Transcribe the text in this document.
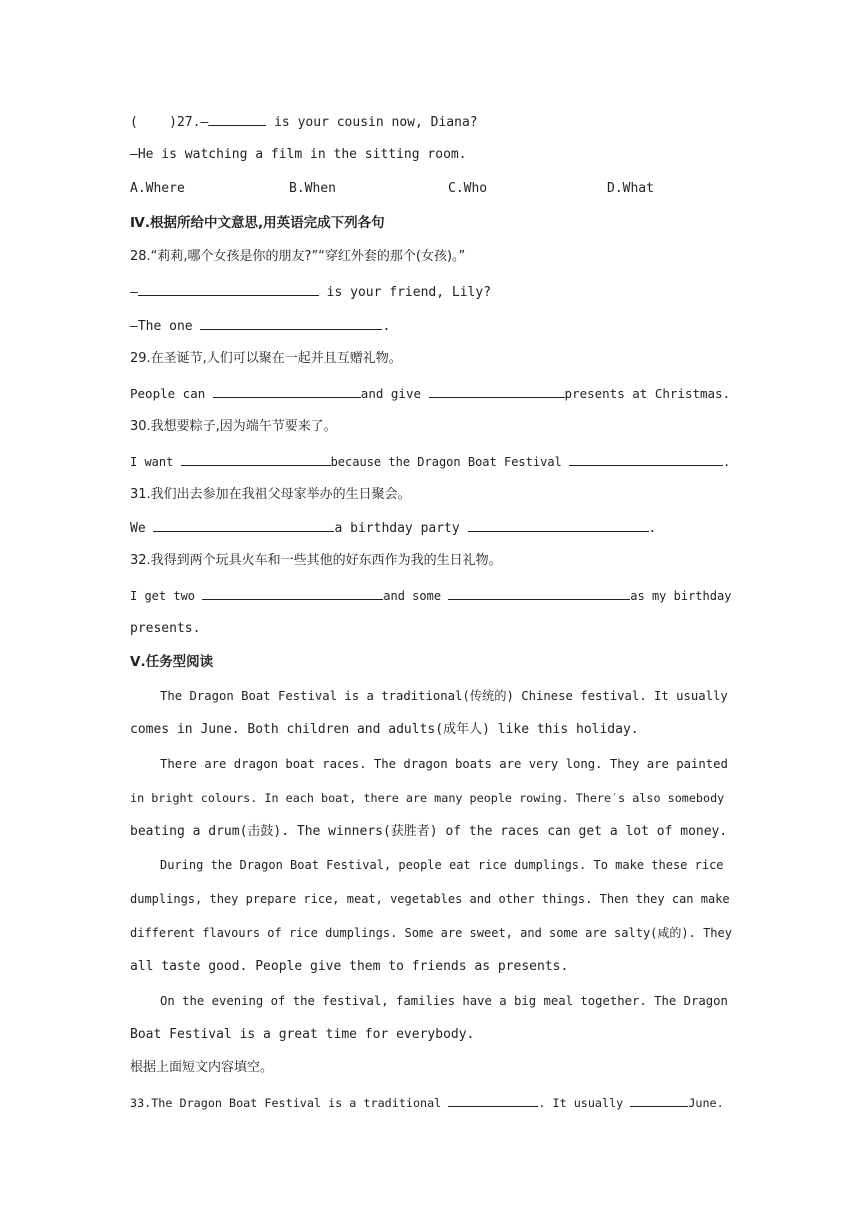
( )27.—	is your cousin now, Diana?
—He is watching a film in the sitting room.
A.Where	B.When	C.Who	D.What
Ⅳ.根据所给中文意思,用英语完成下列各句
28.“莉莉,哪个女孩是你的朋友?”“穿红外套的那个(女孩)。”
—	is your friend, Lily?
—The one	.
29.在圣诞节,人们可以聚在一起并且互赠礼物。
People can	and give	presents at Christmas.
30.我想要粽子,因为端午节要来了。
I want	because the Dragon Boat Festival	.
31.我们出去参加在我祖父母家举办的生日聚会。
We	a birthday party	.
32.我得到两个玩具火车和一些其他的好东西作为我的生日礼物。
I get two	and some	as my birthday
presents.
Ⅴ.任务型阅读
The Dragon Boat Festival is a traditional(传统的) Chinese festival. It usually
comes in June. Both children and adults(成年人) like this holiday.
There are dragon boat races. The dragon boats are very long. They are painted
in bright colours. In each boat, there are many people rowing. There′s also somebody
beating a drum(击鼓). The winners(获胜者) of the races can get a lot of money.
During the Dragon Boat Festival, people eat rice dumplings. To make these rice
dumplings, they prepare rice, meat, vegetables and other things. Then they can make
different flavours of rice dumplings. Some are sweet, and some are salty(咸的). They
all taste good. People give them to friends as presents.
On the evening of the festival, families have a big meal together. The Dragon
Boat Festival is a great time for everybody.
根据上面短文内容填空。
33.The Dragon Boat Festival is a traditional	. It usually	June.
